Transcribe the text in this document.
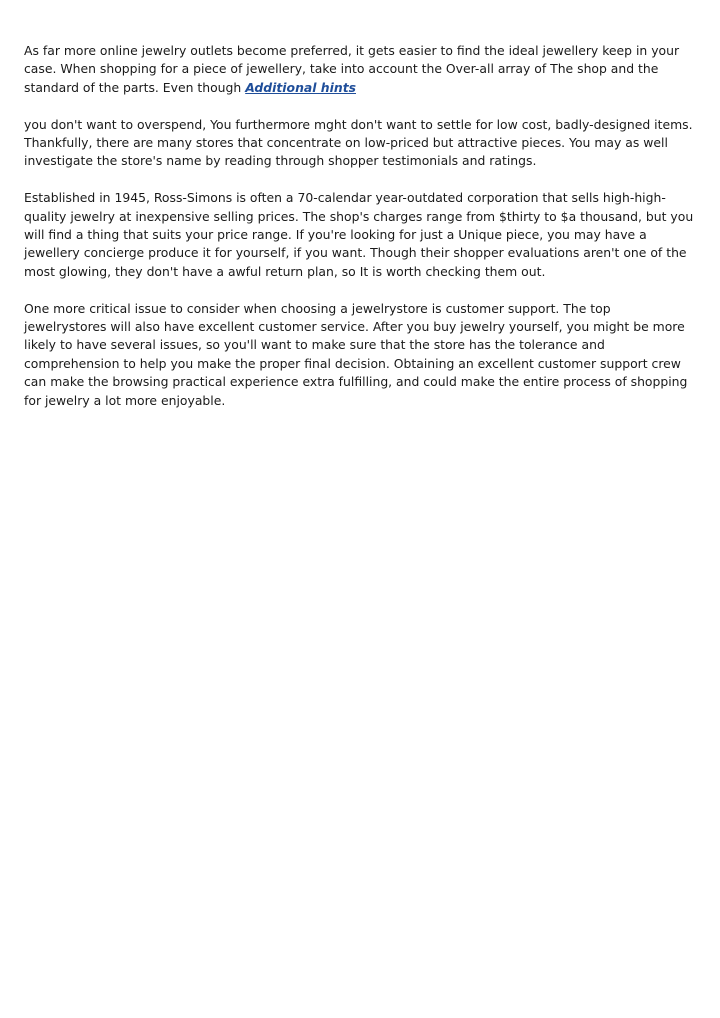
As far more online jewelry outlets become preferred, it gets easier to find the ideal jewellery keep in your case. When shopping for a piece of jewellery, take into account the Over-all array of The shop and the standard of the parts. Even though Additional hints

you don't want to overspend, You furthermore mght don't want to settle for low cost, badly-designed items. Thankfully, there are many stores that concentrate on low-priced but attractive pieces. You may as well investigate the store's name by reading through shopper testimonials and ratings.

Established in 1945, Ross-Simons is often a 70-calendar year-outdated corporation that sells high-high-quality jewelry at inexpensive selling prices. The shop's charges range from $thirty to $a thousand, but you will find a thing that suits your price range. If you're looking for just a Unique piece, you may have a jewellery concierge produce it for yourself, if you want. Though their shopper evaluations aren't one of the most glowing, they don't have a awful return plan, so It is worth checking them out.

One more critical issue to consider when choosing a jewelrystore is customer support. The top jewelrystores will also have excellent customer service. After you buy jewelry yourself, you might be more likely to have several issues, so you'll want to make sure that the store has the tolerance and comprehension to help you make the proper final decision. Obtaining an excellent customer support crew can make the browsing practical experience extra fulfilling, and could make the entire process of shopping for jewelry a lot more enjoyable.
